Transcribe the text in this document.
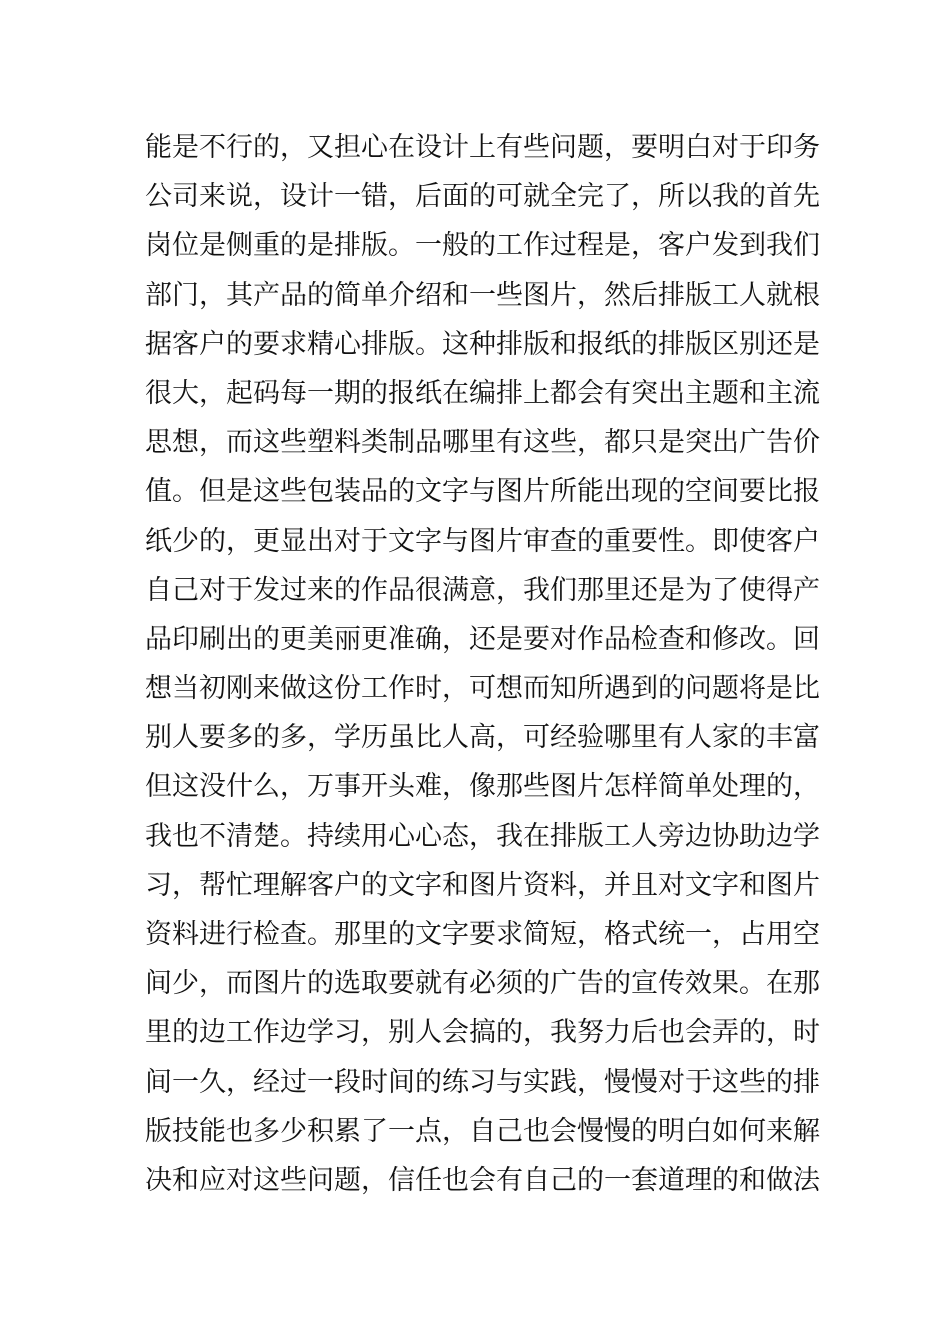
能是不行的，又担心在设计上有些问题，要明白对于印务
公司来说，设计一错，后面的可就全完了，所以我的首先
岗位是侧重的是排版。一般的工作过程是，客户发到我们
部门，其产品的简单介绍和一些图片，然后排版工人就根
据客户的要求精心排版。这种排版和报纸的排版区别还是
很大，起码每一期的报纸在编排上都会有突出主题和主流
思想，而这些塑料类制品哪里有这些，都只是突出广告价
值。但是这些包装品的文字与图片所能出现的空间要比报
纸少的，更显出对于文字与图片审查的重要性。即使客户
自己对于发过来的作品很满意，我们那里还是为了使得产
品印刷出的更美丽更准确，还是要对作品检查和修改。回
想当初刚来做这份工作时，可想而知所遇到的问题将是比
别人要多的多，学历虽比人高，可经验哪里有人家的丰富
但这没什么，万事开头难，像那些图片怎样简单处理的，
我也不清楚。持续用心心态，我在排版工人旁边协助边学
习，帮忙理解客户的文字和图片资料，并且对文字和图片
资料进行检查。那里的文字要求简短，格式统一，占用空
间少，而图片的选取要就有必须的广告的宣传效果。在那
里的边工作边学习，别人会搞的，我努力后也会弄的，时
间一久，经过一段时间的练习与实践，慢慢对于这些的排
版技能也多少积累了一点，自己也会慢慢的明白如何来解
决和应对这些问题，信任也会有自己的一套道理的和做法
